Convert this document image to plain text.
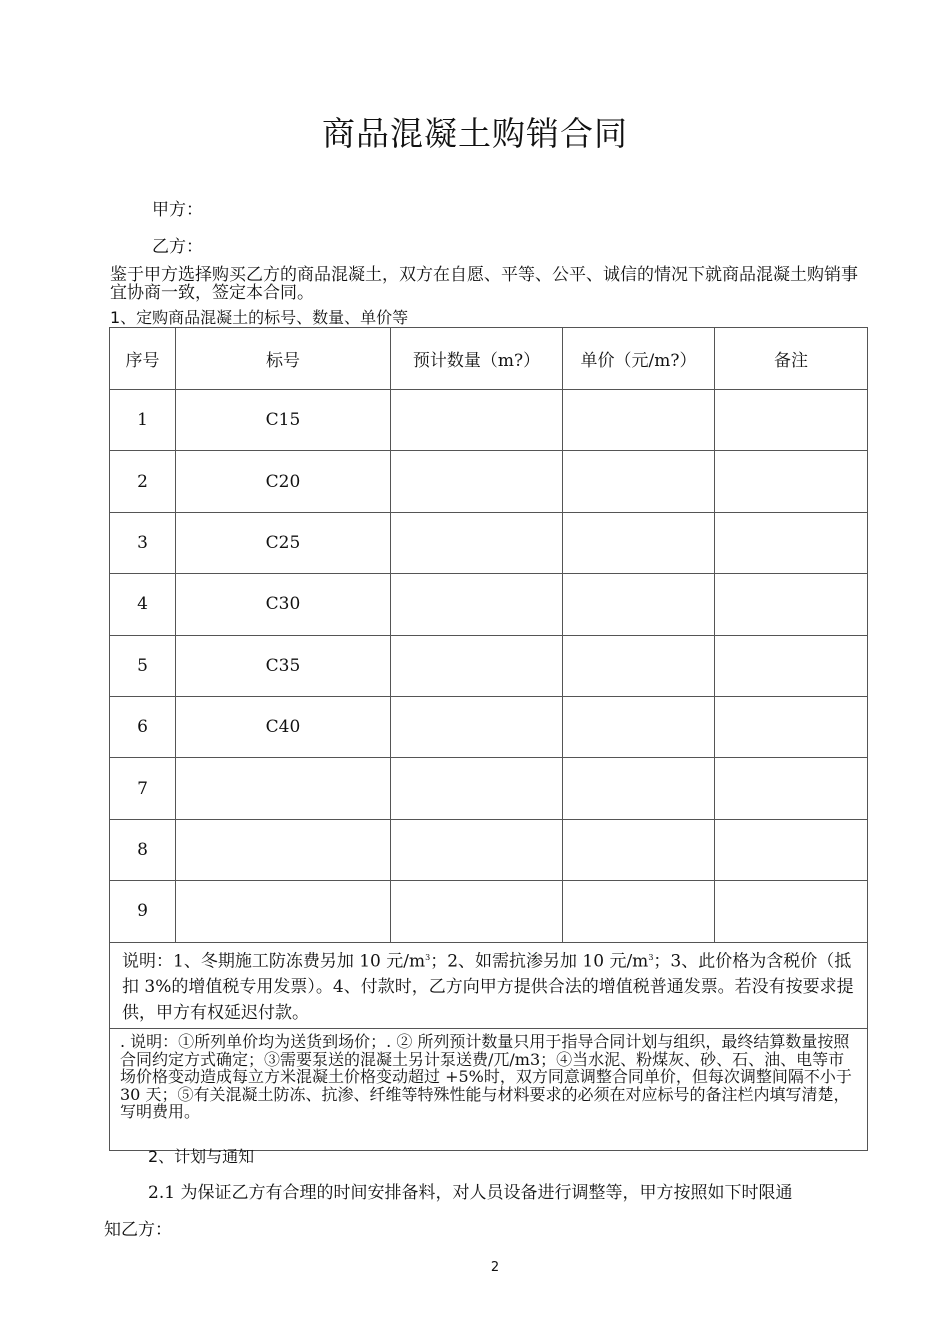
商品混凝土购销合同
甲方：
乙方：
鉴于甲方选择购买乙方的商品混凝土，双方在自愿、平等、公平、诚信的情况下就商品混凝土购销事宜协商一致，签定本合同。
1、定购商品混凝土的标号、数量、单价等
序号	标号	预计数量（m?）	单价（元/m?）	备注
1	C15			
2	C20			
3	C25			
4	C30			
5	C35			
6	C40			
7				
8				
9				
说明：1、冬期施工防冻费另加 10 元$/m^3$；2、如需抗渗另加 10 元$/m^3$；3、此价格为含税价（抵扣 3%的增值税专用发票）。4、付款时，乙方向甲方提供合法的增值税普通发票。若没有按要求提供，甲方有权延迟付款。				
. 说明：①所列单价均为送货到场价；. ② 所列预计数量只用于指导合同计划与组织，最终结算数量按照合同约定方式确定；③需要泵送的混凝土另计泵送费/兀/m3；④当水泥、粉煤灰、砂、石、油、电等市场价格变动造成每立方米混凝土价格变动超过 +5%时，双方同意调整合同单价，但每次调整间隔不小于 30 天；⑤有关混凝土防冻、抗渗、纤维等特殊性能与材料要求的必须在对应标号的备注栏内填写清楚，写明费用。				
2、计划与通知
2.1 为保证乙方有合理的时间安排备料，对人员设备进行调整等，甲方按照如下时限通
知乙方：
2
